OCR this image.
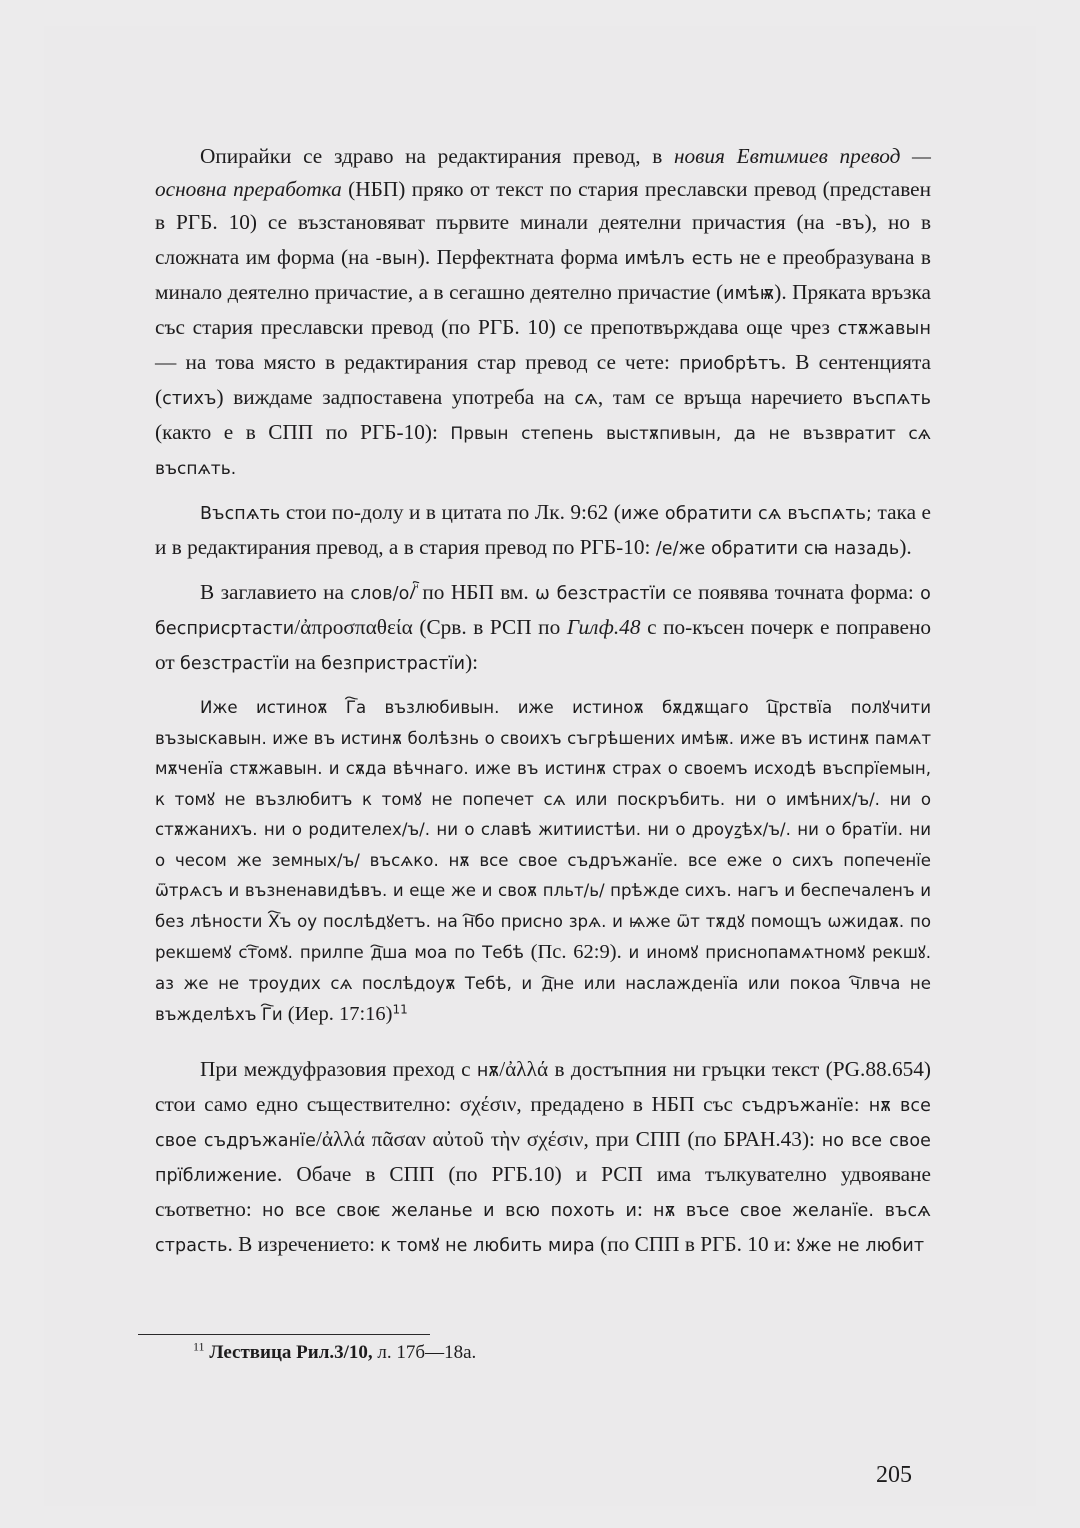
Опирайки се здраво на редактирания превод, в новия Евтимиев превод — основна преработка (НБП) пряко от текст по стария преславски превод (представен в РГБ. 10) се възстановяват първите минали деятелни причастия (на -въ), но в сложната им форма (на -вын). Перфектната форма имѣлъ есть не е преобразувана в минало деятелно причастие, а в сегашно деятелно причастие (имѣѭ). Пряката връзка със стария преславски превод (по РГБ. 10) се препотвърждава още чрез стѫжавын — на това място в редактирания стар превод се чете: приобрѣтъ. В сентенцията (стихъ) виждаме задпоставена употреба на сѧ, там се връща наречието въспѧть (както е в СПП по РГБ-10): Првын степень выстѫпивын, да не възвратит сѧ въспѧть.

Въспѧть стои по-долу и в цитата по Лк. 9:62 (иже обратити сѧ въспѧть; така е и в редактирания превод, а в стария превод по РГБ-10: /е/же обратити сꙗ назадь).

В заглавието на слов/о/ⷱ҇ по НБП вм. ѡ безстрастїи се появява точната форма: о бесприсртасти/ἀπροσπαθεία (Срв. в РСП по Гилф.48 с по-късен почерк е поправено от безстрастїи на безпристрастїи):

Иже истиноѫ Г҇а възлюбивын. иже истиноѫ бѫдѫщаго ц҇рствїа полꙋчити възыскавын. иже въ истинѫ болѣзнь о своихъ съгрѣшених имѣѭ. иже въ истинѫ памѧт мѫченїа стѫжавын. и сѫда вѣчнаго. иже въ истинѫ страх о своемъ исходѣ въспрїемын, к томꙋ не възлюбитъ к томꙋ не попечет сѧ или поскръбить. ни о имѣних/ъ/. ни о стѫжанихъ. ни о родителех/ъ/. ни о славѣ житиистѣи. ни о дроуꙁѣх/ъ/. ни о братїи. ни о чесом же земных/ъ/ въсѧко. нѫ все свое съдръжанїе. все еже о сихъ попеченїе ѿтрѧсъ и възненавидѣвъ. и еще же и своѫ пльт/ь/ прѣжде сихъ. нагъ и беспечаленъ и без лѣности Х҇ъ оу послѣдꙋетъ. на н҇бо присно зрѧ. и ѩже ѿт тѫдꙋ помощъ ѡжидаѫ. по рекшемꙋ ст҇омꙋ. прилпе д҇ша моа по Тебѣ (Пс. 62:9). и иномꙋ приснопамѧтномꙋ рекшꙋ. аз же не троудих сѧ послѣдоуѫ Тебѣ, и д҇не или наслажденїа или покоа ч҇лвча не въжделѣхъ Г҇и (Иер. 17:16)$^{11}$

При междуфразовия преход с нѫ/ἀλλά в достъпния ни гръцки текст (PG.88.654) стои само едно съществително: σχέσιν, предадено в НБП със съдръжанїе: нѫ все свое съдръжанїе/ἀλλά πᾶσαν αὐτοῦ τὴν σχέσιν, при СПП (по БРАН.43): но все свое прїближение. Обаче в СПП (по РГБ.10) и РСП има тълкувателно удвояване съответно: но все своѥ желанье и всю похоть и: нѫ въсе свое желанїе. въсѧ страсть. В изречението: к томꙋ не любить мира (по СПП в РГБ. 10 и: ꙋже не любит

$^{11}$ Лествица Рил.3/10, л. 17б—18а.
205
